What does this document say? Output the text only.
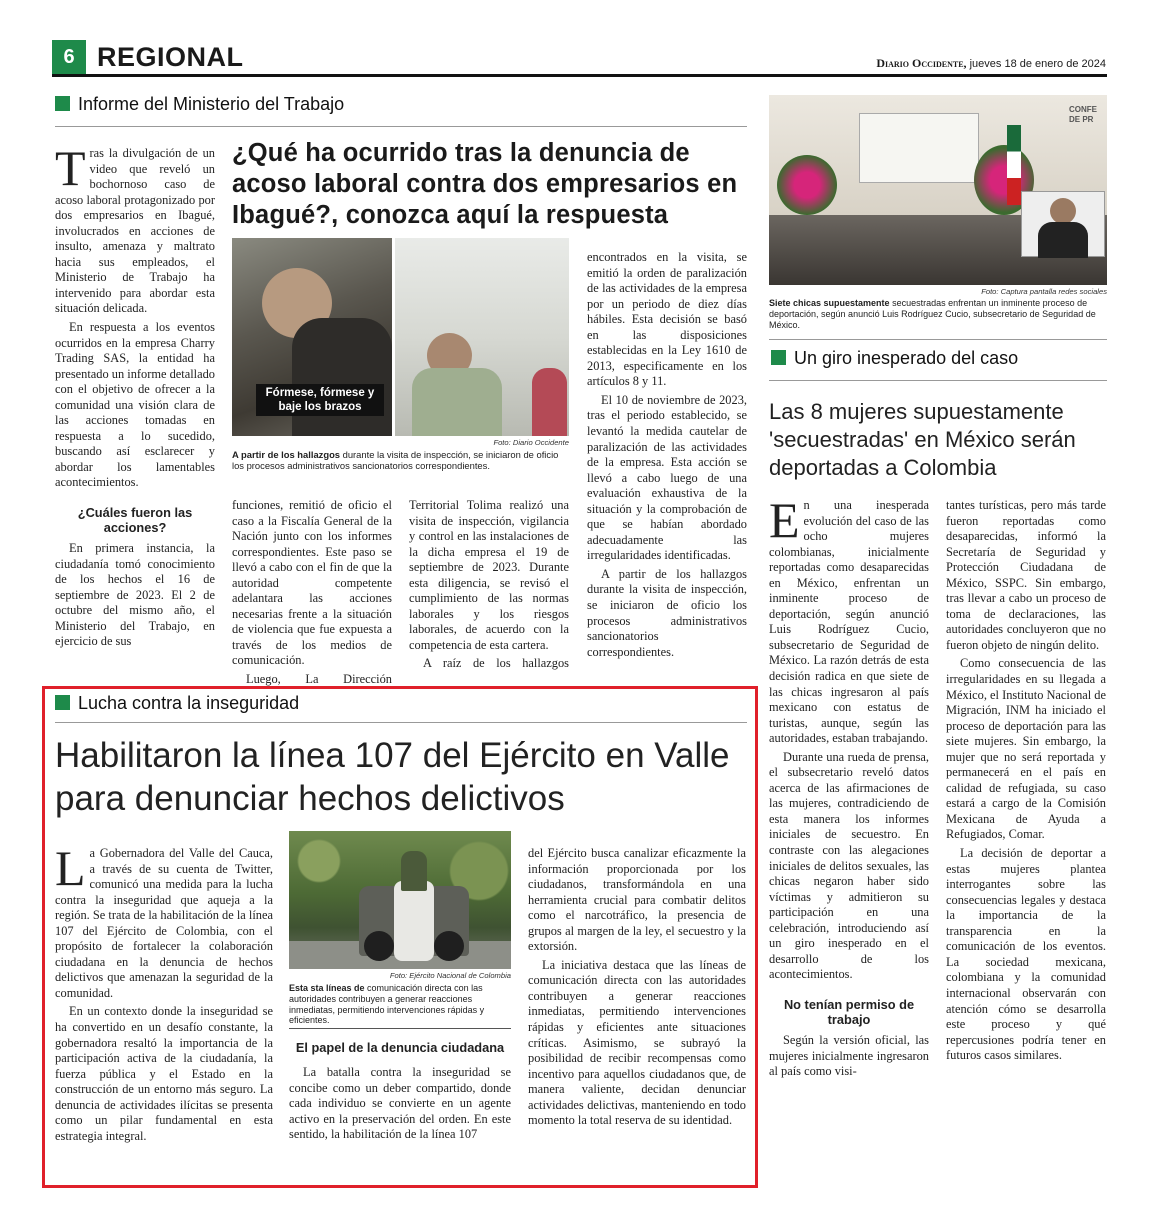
6 REGIONAL	Diario Occidente, jueves 18 de enero de 2024
Informe del Ministerio del Trabajo

Tras la divulgación de un video que reveló un bochornoso caso de acoso laboral protagonizado por dos empresarios en Ibagué, involucrados en acciones de insulto, amenaza y maltrato hacia sus empleados, el Ministerio de Trabajo ha intervenido para abordar esta situación delicada.

En respuesta a los eventos ocurridos en la empresa Charry Trading SAS, la entidad ha presentado un informe detallado con el objetivo de ofrecer a la comunidad una visión clara de las acciones tomadas en respuesta a lo sucedido, buscando así esclarecer y abordar los lamentables acontecimientos.

¿Cuáles fueron las acciones?

En primera instancia, la ciudadanía tomó conocimiento de los hechos el 16 de septiembre de 2023. El 2 de octubre del mismo año, el Ministerio del Trabajo, en ejercicio de sus

¿Qué ha ocurrido tras la denuncia de acoso laboral contra dos empresarios en Ibagué?, conozca aquí la respuesta
Fórmese, fórmese y baje los brazos
Foto: Diario Occidente
A partir de los hallazgos durante la visita de inspección, se iniciaron de oficio los procesos administrativos sancionatorios correspondientes.

funciones, remitió de oficio el caso a la Fiscalía General de la Nación junto con los informes correspondientes. Este paso se llevó a cabo con el fin de que la autoridad competente adelantara las acciones necesarias frente a la situación de violencia que fue expuesta a través de los medios de comunicación.

Luego, La Dirección

Territorial Tolima realizó una visita de inspección, vigilancia y control en las instalaciones de la dicha empresa el 19 de septiembre de 2023. Durante esta diligencia, se revisó el cumplimiento de las normas laborales y los riesgos laborales, de acuerdo con la competencia de esta cartera.

A raíz de los hallazgos

encontrados en la visita, se emitió la orden de paralización de las actividades de la empresa por un periodo de diez días hábiles. Esta decisión se basó en las disposiciones establecidas en la Ley 1610 de 2013, especificamente en los artículos 8 y 11.

El 10 de noviembre de 2023, tras el periodo establecido, se levantó la medida cautelar de paralización de las actividades de la empresa. Esta acción se llevó a cabo luego de una evaluación exhaustiva de la situación y la comprobación de que se habían abordado adecuadamente las irregularidades identificadas.

A partir de los hallazgos durante la visita de inspección, se iniciaron de oficio los procesos administrativos sancionatorios correspondientes.

Lucha contra la inseguridad
Habilitaron la línea 107 del Ejército en Valle para denunciar hechos delictivos

La Gobernadora del Valle del Cauca, a través de su cuenta de Twitter, comunicó una medida para la lucha contra la inseguridad que aqueja a la región. Se trata de la habilitación de la línea 107 del Ejército de Colombia, con el propósito de fortalecer la colaboración ciudadana en la denuncia de hechos delictivos que amenazan la seguridad de la comunidad.

En un contexto donde la inseguridad se ha convertido en un desafío constante, la gobernadora resaltó la importancia de la participación activa de la ciudadanía, la fuerza pública y el Estado en la construcción de un entorno más seguro. La denuncia de actividades ilícitas se presenta como un pilar fundamental en esta estrategia integral.

Foto: Ejército Nacional de Colombia
Esta sta líneas de comunicación directa con las autoridades contribuyen a generar reacciones inmediatas, permitiendo intervenciones rápidas y eficientes.
El papel de la denuncia ciudadana

La batalla contra la inseguridad se concibe como un deber compartido, donde cada individuo se convierte en un agente activo en la preservación del orden. En este sentido, la habilitación de la línea 107

del Ejército busca canalizar eficazmente la información proporcionada por los ciudadanos, transformándola en una herramienta crucial para combatir delitos como el narcotráfico, la presencia de grupos al margen de la ley, el secuestro y la extorsión.

La iniciativa destaca que las líneas de comunicación directa con las autoridades contribuyen a generar reacciones inmediatas, permitiendo intervenciones rápidas y eficientes ante situaciones críticas. Asimismo, se subrayó la posibilidad de recibir recompensas como incentivo para aquellos ciudadanos que, de manera valiente, decidan denunciar actividades delictivas, manteniendo en todo momento la total reserva de su identidad.

CONFE DE PR
Foto: Captura pantalla redes sociales
Siete chicas supuestamente secuestradas enfrentan un inminente proceso de deportación, según anunció Luis Rodríguez Cucio, subsecretario de Seguridad de México.
Un giro inesperado del caso
Las 8 mujeres supuestamente 'secuestradas' en México serán deportadas a Colombia

En una inesperada evolución del caso de las ocho mujeres colombianas, inicialmente reportadas como desaparecidas en México, enfrentan un inminente proceso de deportación, según anunció Luis Rodríguez Cucio, subsecretario de Seguridad de México. La razón detrás de esta decisión radica en que siete de las chicas ingresaron al país mexicano con estatus de turistas, aunque, según las autoridades, estaban trabajando.

Durante una rueda de prensa, el subsecretario reveló datos acerca de las afirmaciones de las mujeres, contradiciendo de esta manera los informes iniciales de secuestro. En contraste con las alegaciones iniciales de delitos sexuales, las chicas negaron haber sido víctimas y admitieron su participación en una celebración, introduciendo así un giro inesperado en el desarrollo de los acontecimientos.

No tenían permiso de trabajo

Según la versión oficial, las mujeres inicialmente ingresaron al país como visi-

tantes turísticas, pero más tarde fueron reportadas como desaparecidas, informó la Secretaría de Seguridad y Protección Ciudadana de México, SSPC. Sin embargo, tras llevar a cabo un proceso de toma de declaraciones, las autoridades concluyeron que no fueron objeto de ningún delito.

Como consecuencia de las irregularidades en su llegada a México, el Instituto Nacional de Migración, INM ha iniciado el proceso de deportación para las siete mujeres. Sin embargo, la mujer que no será reportada y permanecerá en el país en calidad de refugiada, su caso estará a cargo de la Comisión Mexicana de Ayuda a Refugiados, Comar.

La decisión de deportar a estas mujeres plantea interrogantes sobre las consecuencias legales y destaca la importancia de la transparencia en la comunicación de los eventos. La sociedad mexicana, colombiana y la comunidad internacional observarán con atención cómo se desarrolla este proceso y qué repercusiones podría tener en futuros casos similares.
